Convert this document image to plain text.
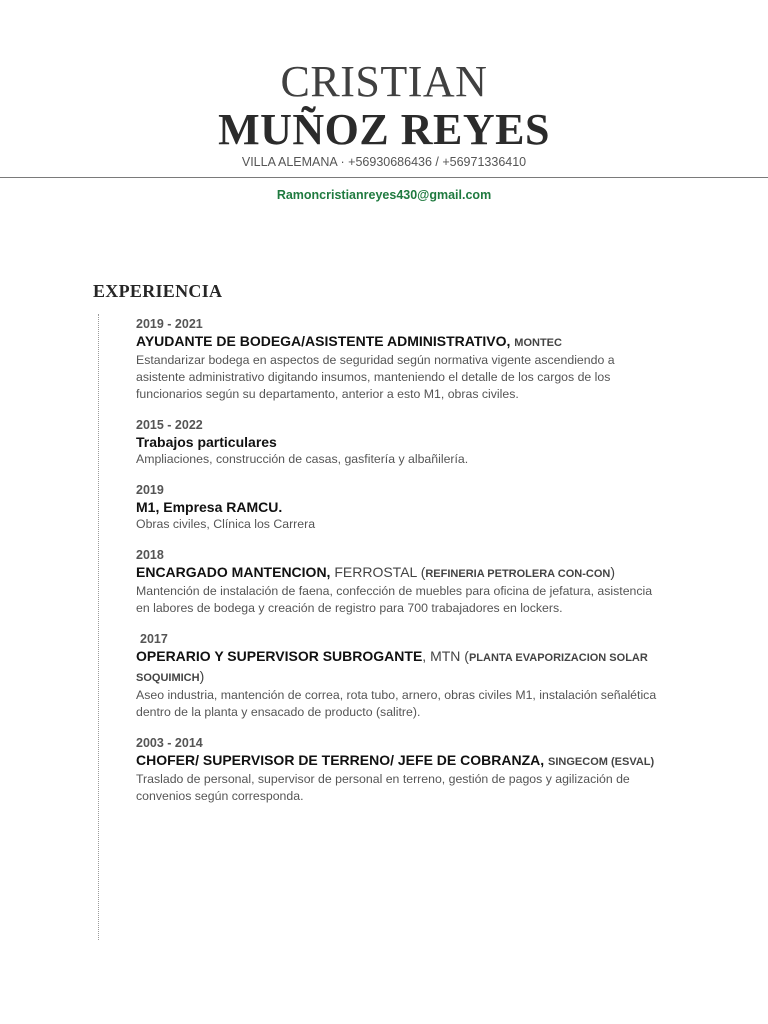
CRISTIAN
MUÑOZ REYES
VILLA ALEMANA · +56930686436 / +56971336410
Ramoncristianreyes430@gmail.com
EXPERIENCIA
2019 - 2021
AYUDANTE DE BODEGA/ASISTENTE ADMINISTRATIVO, MONTEC
Estandarizar bodega en aspectos de seguridad según normativa vigente ascendiendo a asistente administrativo digitando insumos, manteniendo el detalle de los cargos de los funcionarios según su departamento, anterior a esto M1, obras civiles.
2015 - 2022
Trabajos particulares
Ampliaciones, construcción de casas, gasfitería y albañilería.
2019
M1, Empresa RAMCU.
Obras civiles, Clínica los Carrera
2018
ENCARGADO MANTENCION, FERROSTAL (REFINERIA PETROLERA CON-CON)
Mantención de instalación de faena, confección de muebles para oficina de jefatura, asistencia en labores de bodega y creación de registro para 700 trabajadores en lockers.
2017
OPERARIO Y SUPERVISOR SUBROGANTE, MTN (PLANTA EVAPORIZACION SOLAR SOQUIMICH)
Aseo industria, mantención de correa, rota tubo, arnero, obras civiles M1, instalación señalética dentro de la planta y ensacado de producto (salitre).
2003 - 2014
CHOFER/ SUPERVISOR DE TERRENO/ JEFE DE COBRANZA, SINGECOM (ESVAL)
Traslado de personal, supervisor de personal en terreno, gestión de pagos y agilización de convenios según corresponda.
